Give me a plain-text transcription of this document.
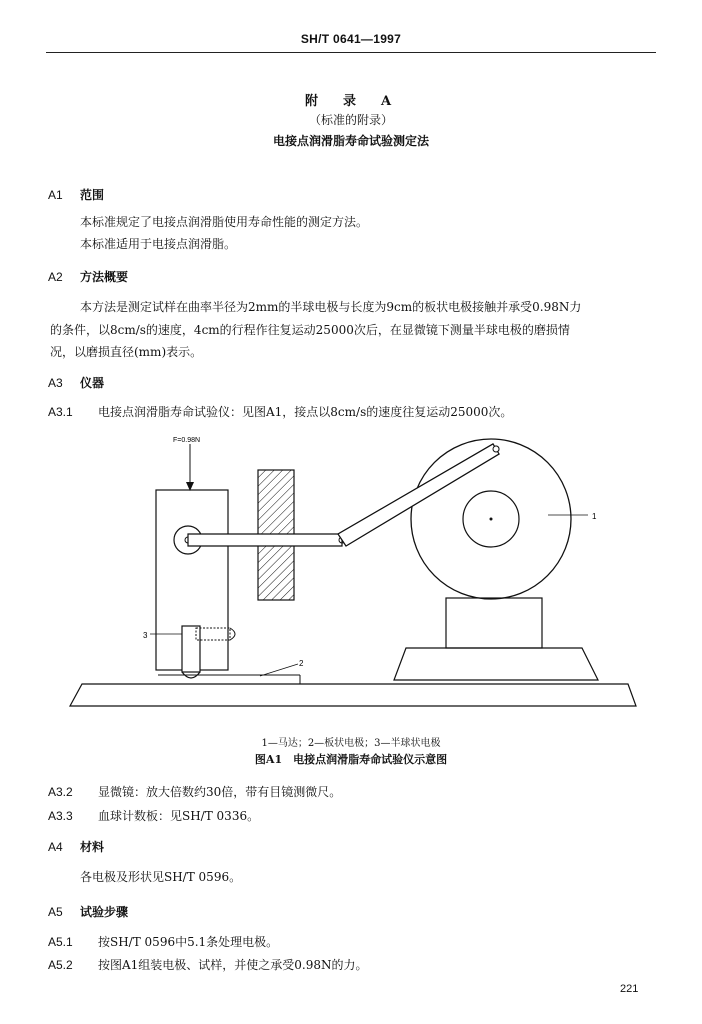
SH/T 0641—1997
附　录　A
（标准的附录）
电接点润滑脂寿命试验测定法
A1 范围
本标准规定了电接点润滑脂使用寿命性能的测定方法。
本标准适用于电接点润滑脂。
A2 方法概要
本方法是测定试样在曲率半径为2mm的半球电极与长度为9cm的板状电极接触并承受0.98N力
的条件，以8cm/s的速度，4cm的行程作往复运动25000次后，在显微镜下测量半球电极的磨损情
况，以磨损直径(mm)表示。
A3 仪器
A3.1 电接点润滑脂寿命试验仪：见图A1，接点以8cm/s的速度往复运动25000次。
F=0.98N
1
2
3
1—马达；2—板状电极；3—半球状电极
图A1　电接点润滑脂寿命试验仪示意图
A3.2 显微镜：放大倍数约30倍，带有目镜测微尺。
A3.3 血球计数板：见SH/T 0336。
A4 材料
各电极及形状见SH/T 0596。
A5 试验步骤
A5.1 按SH/T 0596中5.1条处理电极。
A5.2 按图A1组装电极、试样，并使之承受0.98N的力。
221
